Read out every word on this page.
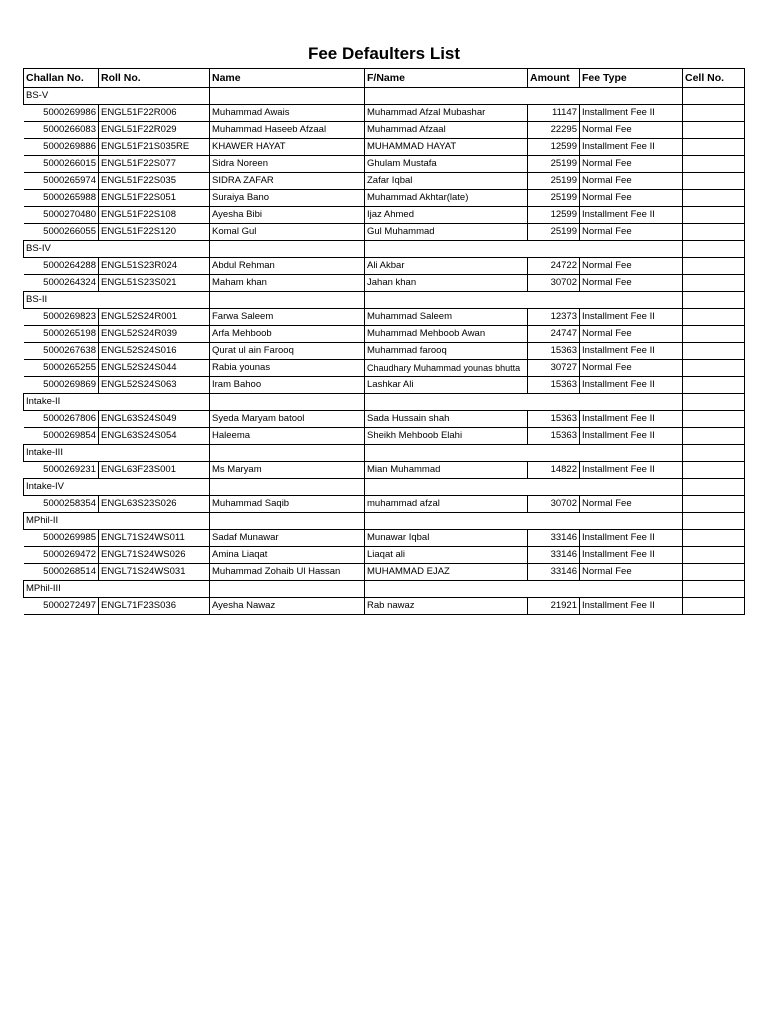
Fee Defaulters List
Challan No.	Roll No.	Name	F/Name	Amount	Fee Type	Cell No.
BS-V						
5000269986	ENGL51F22R006	Muhammad Awais	Muhammad Afzal Mubashar	11147	Installment Fee II	
5000266083	ENGL51F22R029	Muhammad Haseeb Afzaal	Muhammad Afzaal	22295	Normal Fee	
5000269886	ENGL51F21S035RE	KHAWER HAYAT	MUHAMMAD HAYAT	12599	Installment Fee II	
5000266015	ENGL51F22S077	Sidra Noreen	Ghulam Mustafa	25199	Normal Fee	
5000265974	ENGL51F22S035	SIDRA ZAFAR	Zafar Iqbal	25199	Normal Fee	
5000265988	ENGL51F22S051	Suraiya Bano	Muhammad Akhtar(late)	25199	Normal Fee	
5000270480	ENGL51F22S108	Ayesha Bibi	Ijaz Ahmed	12599	Installment Fee II	
5000266055	ENGL51F22S120	Komal Gul	Gul Muhammad	25199	Normal Fee	
BS-IV						
5000264288	ENGL51S23R024	Abdul Rehman	Ali Akbar	24722	Normal Fee	
5000264324	ENGL51S23S021	Maham khan	Jahan khan	30702	Normal Fee	
BS-II						
5000269823	ENGL52S24R001	Farwa Saleem	Muhammad Saleem	12373	Installment Fee II	
5000265198	ENGL52S24R039	Arfa Mehboob	Muhammad Mehboob Awan	24747	Normal Fee	
5000267638	ENGL52S24S016	Qurat ul ain Farooq	Muhammad farooq	15363	Installment Fee II	
5000265255	ENGL52S24S044	Rabia younas	Chaudhary Muhammad younas bhutta	30727	Normal Fee	
5000269869	ENGL52S24S063	Iram Bahoo	Lashkar Ali	15363	Installment Fee II	
Intake-II						
5000267806	ENGL63S24S049	Syeda Maryam batool	Sada Hussain shah	15363	Installment Fee II	
5000269854	ENGL63S24S054	Haleema	Sheikh Mehboob Elahi	15363	Installment Fee II	
Intake-III						
5000269231	ENGL63F23S001	Ms Maryam	Mian Muhammad	14822	Installment Fee II	
Intake-IV						
5000258354	ENGL63S23S026	Muhammad Saqib	muhammad afzal	30702	Normal Fee	
MPhil-II						
5000269985	ENGL71S24WS011	Sadaf Munawar	Munawar Iqbal	33146	Installment Fee II	
5000269472	ENGL71S24WS026	Amina Liaqat	Liaqat ali	33146	Installment Fee II	
5000268514	ENGL71S24WS031	Muhammad Zohaib Ul Hassan	MUHAMMAD EJAZ	33146	Normal Fee	
MPhil-III						
5000272497	ENGL71F23S036	Ayesha Nawaz	Rab nawaz	21921	Installment Fee II	
